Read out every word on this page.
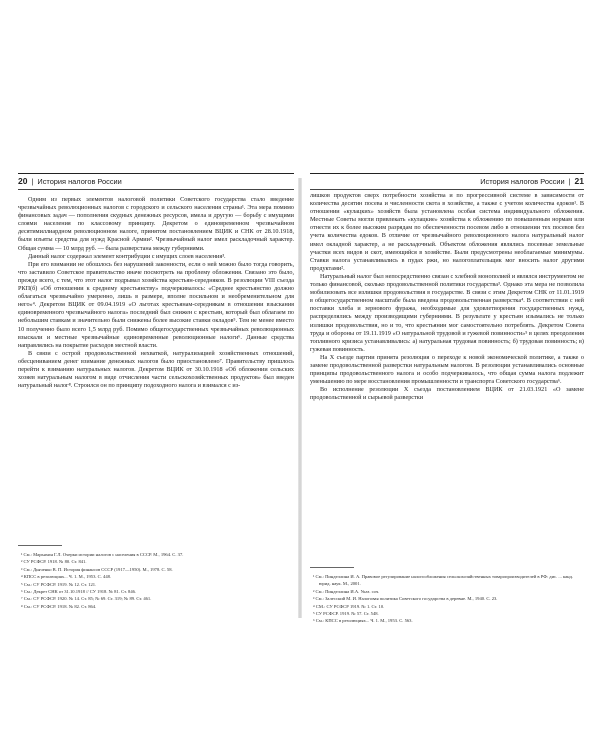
20 | История налогов России

Одним из первых элементов налоговой политики Советского государства стало введение чрезвычайных революционных налогов с городского и сельского населения страны¹. Эта мера помимо финансовых задач — пополнения скудных денежных ресурсов, имела и другую — борьбу с имущими слоями населения по классовому принципу. Декретом о единовременном чрезвычайном десятимиллиардном революционном налоге, принятом постановлением ВЦИК и СНК от 28.10.1918, были изъяты средства для нужд Красной Армии². Чрезвычайный налог имел раскладочный характер. Общая сумма — 10 млрд руб. — была разверстана между губерниями.

Данный налог содержал элемент контрибуции с имущих слоев населения³.

При его взимании не обошлось без нарушений законности, если о ней можно было тогда говорить, что заставило Советское правительство иначе посмотреть на проблему обложения. Связано это было, прежде всего, с тем, что этот налог подрывал хозяйства крестьян-середняков. В резолюции VIII съезда РКП(б) «Об отношении к среднему крестьянству» подчеркивалось: «Среднее крестьянство должно облагаться чрезвычайно умеренно, лишь в размере, вполне посильном и необременительном для него»⁴. Декретом ВЦИК от 09.04.1919 «О льготах крестьянам-середнякам в отношении взыскания единовременного чрезвычайного налога» последний был снижен с крестьян, который был облагаем по небольшим ставкам и значительно были снижены более высокие ставки окладов⁵. Тем не менее вместо 10 полученно было всего 1,5 млрд руб. Помимо общегосударственных чрезвычайных революционных взыскали и местные чрезвычайные единовременные революционные налоги⁶. Данные средства направлялись на покрытие расходов местной власти.

В связи с острой продовольственной нехваткой, натурализацией хозяйственных отношений, обесцениванием денег взимание денежных налогов было приостановлено⁷. Правительству пришлось перейти к взиманию натуральных налогов. Декретом ВЦИК от 30.10.1918 «Об обложении сельских хозяев натуральным налогом в виде отчисления части сельскохозяйственных продуктов» был введен натуральный налог⁸. Строился он по принципу подоходного налога и взимался с из-

¹ См.: Марьяхин Г.Л. Очерки истории налогов с населения в СССР. М., 1964. С. 37.
² СУ РСФСР. 1918. № 80. Ст. 841.
³ См.: Дьяченко В. П. История финансов СССР (1917—1950). М., 1978. С. 58.
⁴ КПСС в резолюциях... Ч. 1. М., 1953. С. 448.
⁵ См.: СУ РСФСР. 1919. № 12. Ст. 121.
⁶ См.: Декрет СНК от 31.10.1918 // СУ 1918. № 81. Ст. 846.
⁷ См.: СУ РСФСР. 1920. № 14. Ст. 85; № 69. Ст. 319; № 89. Ст. 461.
⁸ См.: СУ РСФСР. 1918. № 82. Ст. 864.
История налогов России | 21

лишков продуктов сверх потребности хозяйства и по прогрессивной системе в зависимости от количества десятин посева и численности скота в хозяйстве, а также с учетом количества едоков¹. В отношении «кулацких» хозяйств была установлена особая система индивидуального обложения. Местные Советы могли привлекать «кулацкие» хозяйства к обложению по повышенным нормам или отнести их к более высоким разрядам по обеспеченности посевом либо в отношении тех посевов без учета количества едоков. В отличие от чрезвычайного революционного налога натуральный налог имел окладной характер, а не раскладочный. Объектом обложения являлись посевные земельные участки всех видов и скот, имеющийся в хозяйстве. Были предусмотрены необлагаемые минимумы. Ставки налога устанавливались в пудах ржи, но налогоплательщик мог вносить налог другими продуктами².

Натуральный налог был непосредственно связан с хлебной монополией и являлся инструментом не только финансовой, сколько продовольственной политики государства³. Однако эта мера не позволила мобилизовать все излишки продовольствия в государстве. В связи с этим Декретом СНК от 11.01.1919 в общегосударственном масштабе была введена продовольственная разверстка⁴. В соответствии с ней поставки хлеба и зернового фуража, необходимые для удовлетворения государственных нужд, распределялись между производящими губерниями. В результате у крестьян изымались не только излишки продовольствия, но и то, что крестьянин мог самостоятельно потреблять. Декретом Совета труда и обороны от 19.11.1919 «О натуральной трудовой и гужевой повинности»⁵ в целях преодоления топливного кризиса устанавливались: а) натуральная трудовая повинность; б) трудовая повинность; в) гужевая повинность.

На Х съезде партии принята резолюция о переходе к новой экономической политике, а также о замене продовольственной разверстки натуральным налогом. В резолюции устанавливались основные принципы продовольственного налога и особо подчеркивалось, что общая сумма налога подлежит уменьшению по мере восстановления промышленности и транспорта Советского государства⁶.

Во исполнение резолюции Х съезда постановлением ВЦИК от 21.03.1921 «О замене продовольственной и сырьевой разверстки

¹ См.: Пинделлина И. А. Правовое регулирование налогообложения сельскохозяйственных товаропроизводителей в РФ: дис. ... канд. юрид. наук. М., 2001.
² См.: Пинделлина И.А. Указ. соч.
³ См.: Залесский М. И. Налоговая политика Советского государства в деревне. М., 1940. С. 23.
⁴ СМ.: СУ РСФСР 1919. № 1. Ст. 10.
⁵ СУ РСФСР. 1919. № 57. Ст. 548.
⁶ См.: КПСС в резолюциях... Ч. 1. М., 1953. С. 563.
